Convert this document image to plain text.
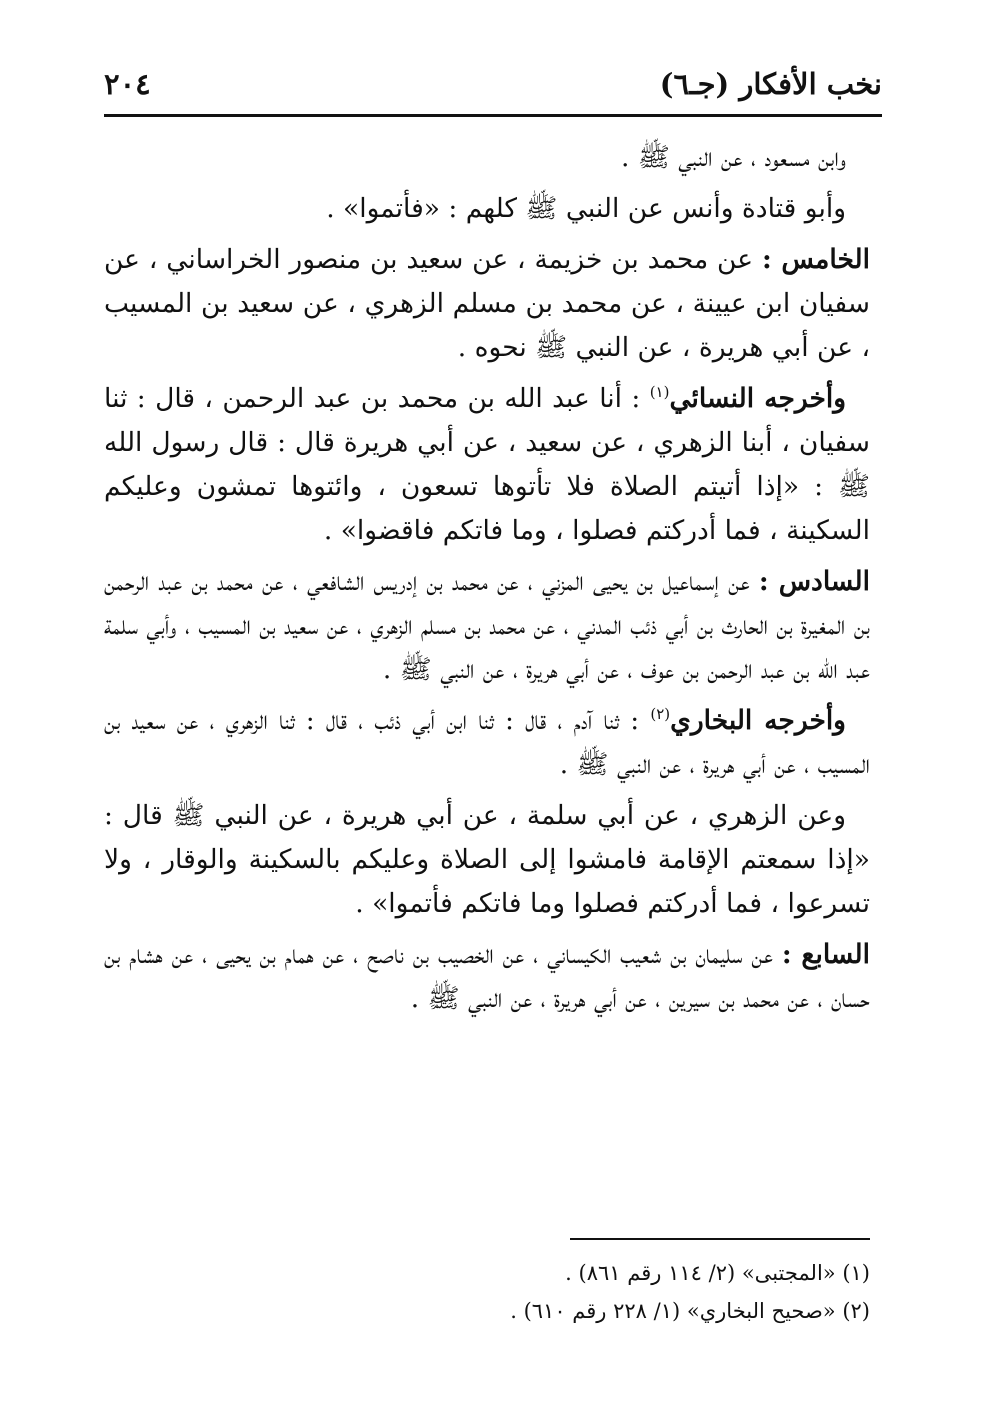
نخب الأفكار (جـ٦)
٢٠٤

وابن مسعود ، عن النبي ﷺ .

وأبو قتادة وأنس عن النبي ﷺ كلهم : «فأتموا» .

الخامس : عن محمد بن خزيمة ، عن سعيد بن منصور الخراساني ، عن سفيان ابن عيينة ، عن محمد بن مسلم الزهري ، عن سعيد بن المسيب ، عن أبي هريرة ، عن النبي ﷺ نحوه .

وأخرجه النسائي$^{(١)}$ : أنا عبد الله بن محمد بن عبد الرحمن ، قال : ثنا سفيان ، أبنا الزهري ، عن سعيد ، عن أبي هريرة قال : قال رسول الله ﷺ : «إذا أتيتم الصلاة فلا تأتوها تسعون ، وائتوها تمشون وعليكم السكينة ، فما أدركتم فصلوا ، وما فاتكم فاقضوا» .

السادس : عن إسماعيل بن يحيى المزني ، عن محمد بن إدريس الشافعي ، عن محمد بن عبد الرحمن بن المغيرة بن الحارث بن أبي ذئب المدني ، عن محمد بن مسلم الزهري ، عن سعيد بن المسيب ، وأبي سلمة عبد الله بن عبد الرحمن بن عوف ، عن أبي هريرة ، عن النبي ﷺ .

وأخرجه البخاري$^{(٢)}$ : ثنا آدم ، قال : ثنا ابن أبي ذئب ، قال : ثنا الزهري ، عن سعيد بن المسيب ، عن أبي هريرة ، عن النبي ﷺ .

وعن الزهري ، عن أبي سلمة ، عن أبي هريرة ، عن النبي ﷺ قال : «إذا سمعتم الإقامة فامشوا إلى الصلاة وعليكم بالسكينة والوقار ، ولا تسرعوا ، فما أدركتم فصلوا وما فاتكم فأتموا» .

السابع : عن سليمان بن شعيب الكيساني ، عن الخصيب بن ناصح ، عن همام بن يحيى ، عن هشام بن حسان ، عن محمد بن سيرين ، عن أبي هريرة ، عن النبي ﷺ .

(١) «المجتبى» (٢/ ١١٤ رقم ٨٦١) .
(٢) «صحيح البخاري» (١/ ٢٢٨ رقم ٦١٠) .
